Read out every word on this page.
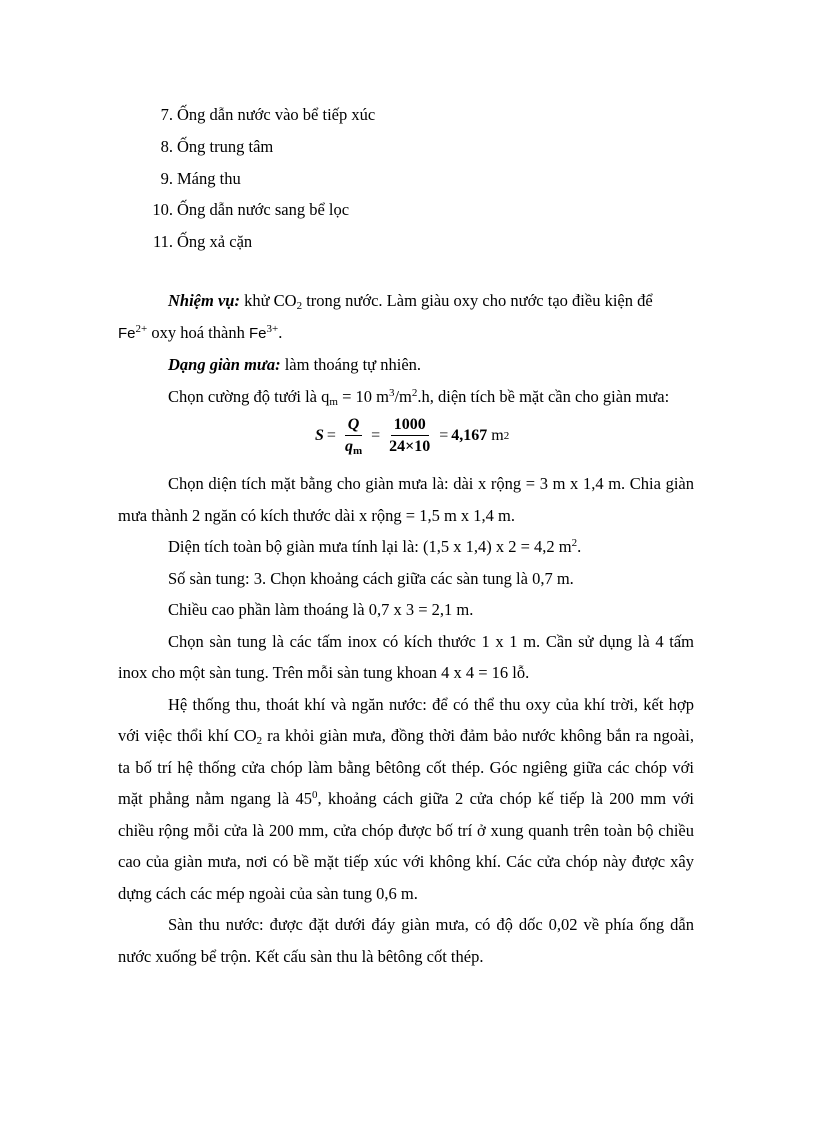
7. Ống dẫn nước vào bể tiếp xúc
8. Ống trung tâm
9. Máng thu
10. Ống dẫn nước sang bể lọc
11. Ống xả cặn

Nhiệm vụ: khử $CO_2$ trong nước. Làm giàu oxy cho nước tạo điều kiện để
$Fe^{2+}$ oxy hoá thành $Fe^{3+}$.

Dạng giàn mưa: làm thoáng tự nhiên.

Chọn cường độ tưới là $q_m = 10$ $m^3/m^2.h$, diện tích bề mặt cần cho giàn mưa:

$S = \frac{Q}{q_m} = \frac{1000}{24\times 10} = 4,167$ m 2

Chọn diện tích mặt bằng cho giàn mưa là: dài x rộng = 3 m x 1,4 m. Chia giàn mưa thành 2 ngăn có kích thước dài x rộng = 1,5 m x 1,4 m.

Diện tích toàn bộ giàn mưa tính lại là: (1,5 x 1,4) x 2 = 4,2 $m^2$.

Số sàn tung: 3. Chọn khoảng cách giữa các sàn tung là 0,7 m.

Chiều cao phần làm thoáng là 0,7 x 3 = 2,1 m.

Chọn sàn tung là các tấm inox có kích thước 1 x 1 m. Cần sử dụng là 4 tấm inox cho một sàn tung. Trên mỗi sàn tung khoan 4 x 4 = 16 lỗ.

Hệ thống thu, thoát khí và ngăn nước: để có thể thu oxy của khí trời, kết hợp với việc thổi khí $CO_2$ ra khỏi giàn mưa, đồng thời đảm bảo nước không bắn ra ngoài, ta bố trí hệ thống cửa chóp làm bằng bêtông cốt thép. Góc ngiêng giữa các chóp với mặt phẳng nằm ngang là $45^0$, khoảng cách giữa 2 cửa chóp kế tiếp là 200 mm với chiều rộng mỗi cửa là 200 mm, cửa chóp được bố trí ở xung quanh trên toàn bộ chiều cao của giàn mưa, nơi có bề mặt tiếp xúc với không khí. Các cửa chóp này được xây dựng cách các mép ngoài của sàn tung 0,6 m.

Sàn thu nước: được đặt dưới đáy giàn mưa, có độ dốc 0,02 về phía ống dẫn nước xuống bể trộn. Kết cấu sàn thu là bêtông cốt thép.
